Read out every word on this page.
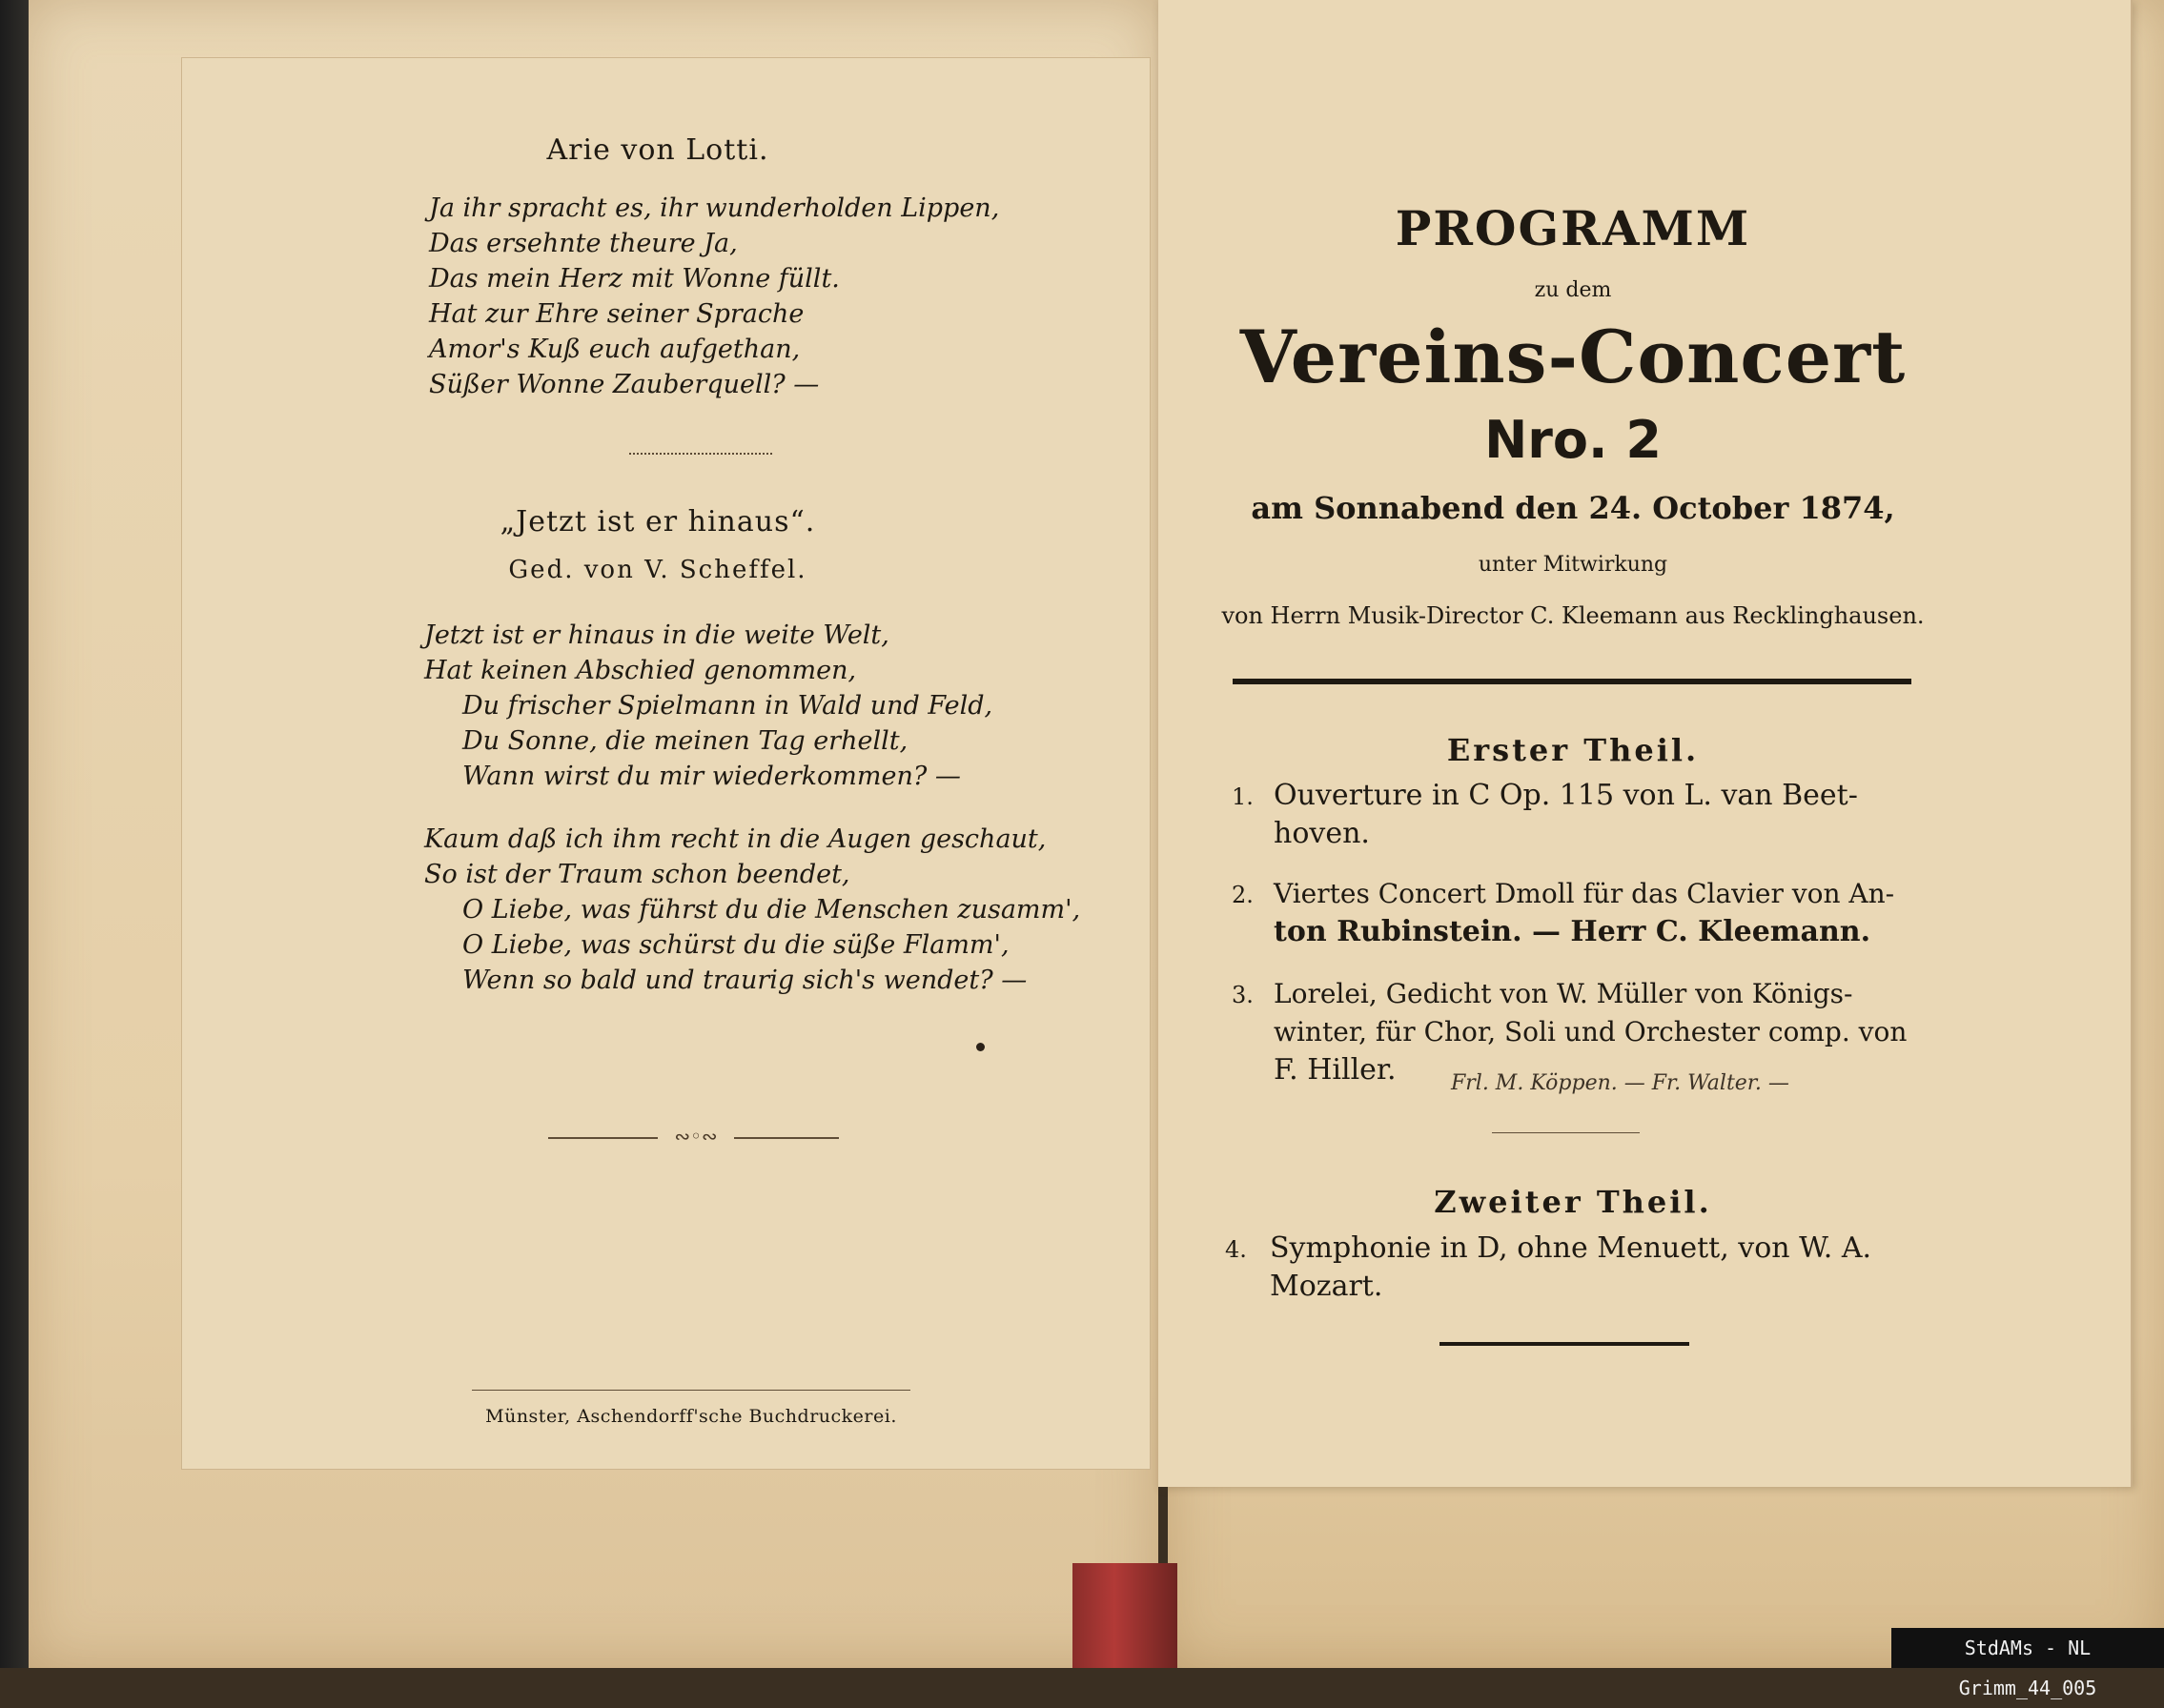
Arie von Lotti.
Ja ihr spracht es, ihr wunderholden Lippen,
Das ersehnte theure Ja,
Das mein Herz mit Wonne füllt.
Hat zur Ehre seiner Sprache
Amor's Kuß euch aufgethan,
Süßer Wonne Zauberquell? —
„Jetzt ist er hinaus“.
Ged. von V. Scheffel.
Jetzt ist er hinaus in die weite Welt,
Hat keinen Abschied genommen,
Du frischer Spielmann in Wald und Feld,
Du Sonne, die meinen Tag erhellt,
Wann wirst du mir wiederkommen? —
Kaum daß ich ihm recht in die Augen geschaut,
So ist der Traum schon beendet,
O Liebe, was führst du die Menschen zusamm',
O Liebe, was schürst du die süße Flamm',
Wenn so bald und traurig sich's wendet? —
∾◦∾
Münster, Aschendorff'sche Buchdruckerei.
PROGRAMM
zu dem
Vereins-Concert
Nro. 2
am Sonnabend den 24. October 1874,
unter Mitwirkung
von Herrn Musik-Director C. Kleemann aus Recklinghausen.
Erster Theil.
1. Ouverture in C Op. 115 von L. van Beet-
hoven.
2. Viertes Concert Dmoll für das Clavier von An-
ton Rubinstein. — Herr C. Kleemann.
3. Lorelei, Gedicht von W. Müller von Königs-
winter, für Chor, Soli und Orchester comp. von
F. Hiller.	Frl. M. Köppen. — Fr. Walter. —
Zweiter Theil.
4. Symphonie in D, ohne Menuett, von W. A.
Mozart.
StdAMs - NL Grimm_44_005
